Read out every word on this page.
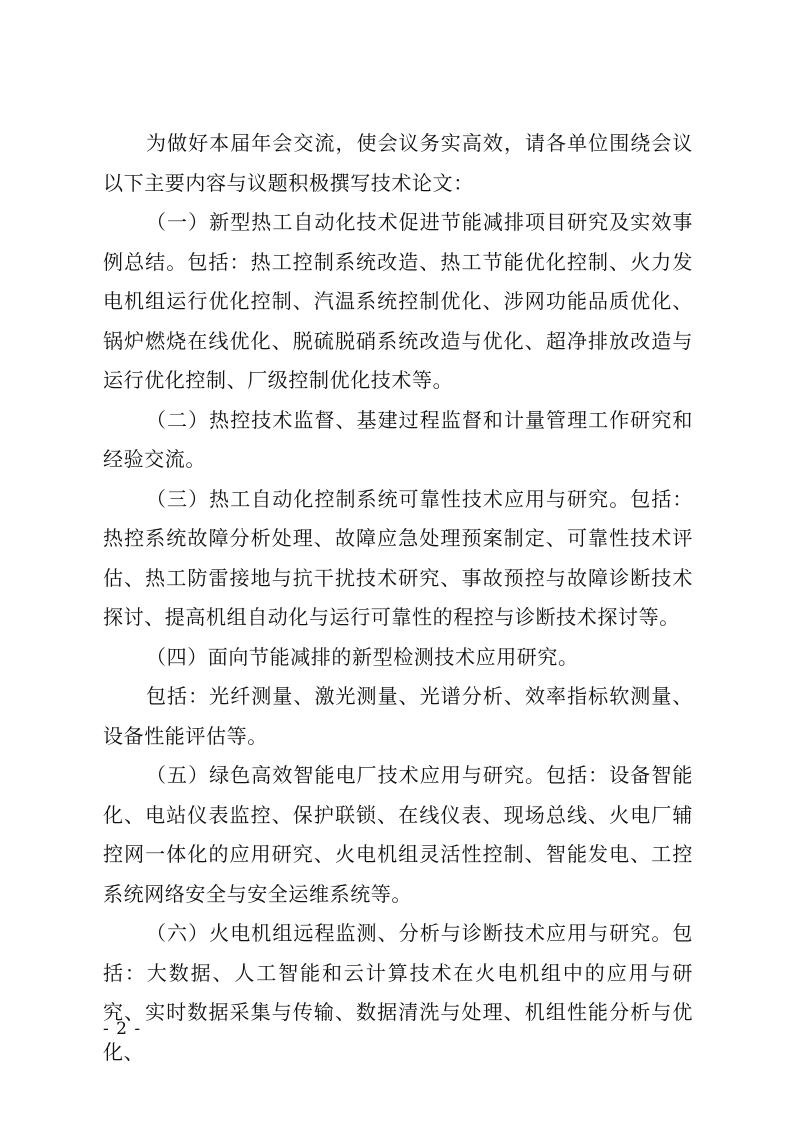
为做好本届年会交流，使会议务实高效，请各单位围绕会议以下主要内容与议题积极撰写技术论文：

（一）新型热工自动化技术促进节能减排项目研究及实效事例总结。包括：热工控制系统改造、热工节能优化控制、火力发电机组运行优化控制、汽温系统控制优化、涉网功能品质优化、锅炉燃烧在线优化、脱硫脱硝系统改造与优化、超净排放改造与运行优化控制、厂级控制优化技术等。

（二）热控技术监督、基建过程监督和计量管理工作研究和经验交流。

（三）热工自动化控制系统可靠性技术应用与研究。包括：热控系统故障分析处理、故障应急处理预案制定、可靠性技术评估、热工防雷接地与抗干扰技术研究、事故预控与故障诊断技术探讨、提高机组自动化与运行可靠性的程控与诊断技术探讨等。

（四）面向节能减排的新型检测技术应用研究。

包括：光纤测量、激光测量、光谱分析、效率指标软测量、设备性能评估等。

（五）绿色高效智能电厂技术应用与研究。包括：设备智能化、电站仪表监控、保护联锁、在线仪表、现场总线、火电厂辅控网一体化的应用研究、火电机组灵活性控制、智能发电、工控系统网络安全与安全运维系统等。

（六）火电机组远程监测、分析与诊断技术应用与研究。包括：大数据、人工智能和云计算技术在火电机组中的应用与研究、实时数据采集与传输、数据清洗与处理、机组性能分析与优化、

- 2 -
